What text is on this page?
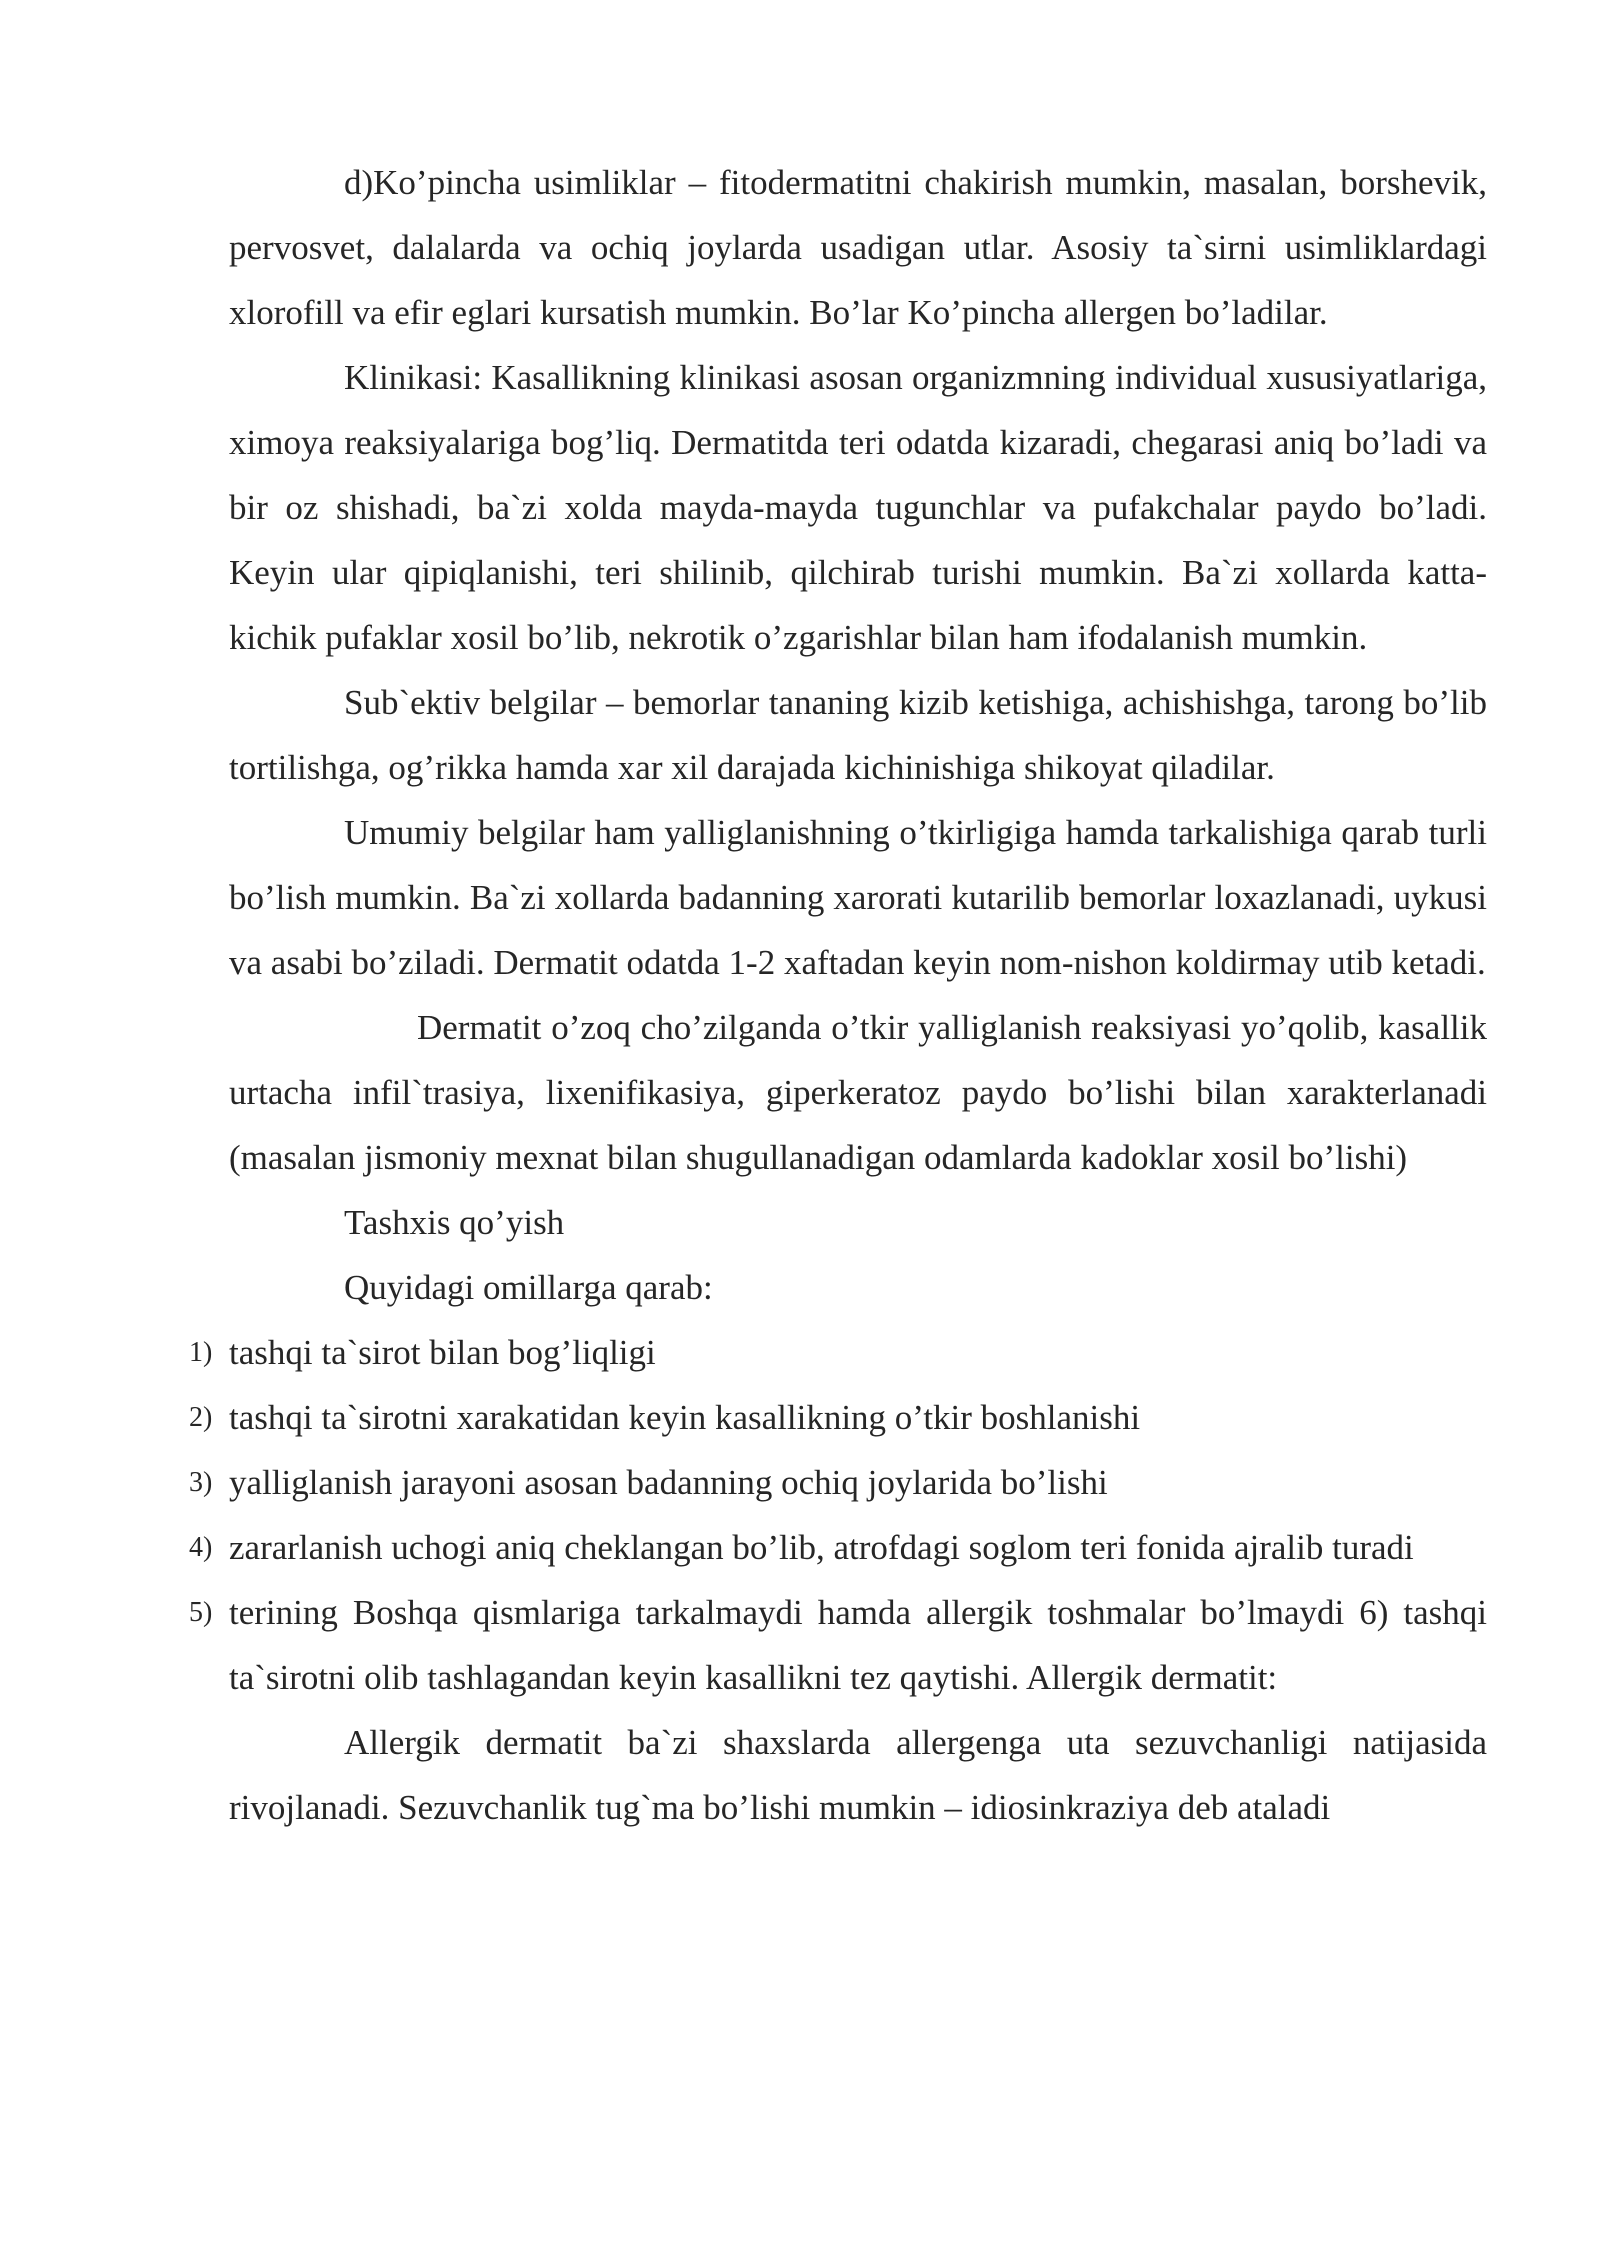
d)Ko’pincha usimliklar – fitodermatitni chakirish mumkin, masalan, borshevik, pervosvet, dalalarda va ochiq joylarda usadigan utlar. Asosiy ta`sirni usimliklardagi xlorofill va efir eglari kursatish mumkin. Bo’lar Ko’pincha allergen bo’ladilar.

Klinikasi: Kasallikning klinikasi asosan organizmning individual xususiyatlariga, ximoya reaksiyalariga bog’liq. Dermatitda teri odatda kizaradi, chegarasi aniq bo’ladi va bir oz shishadi, ba`zi xolda mayda-mayda tugunchlar va pufakchalar paydo bo’ladi. Keyin ular qipiqlanishi, teri shilinib, qilchirab turishi mumkin. Ba`zi xollarda katta-kichik pufaklar xosil bo’lib, nekrotik o’zgarishlar bilan ham ifodalanish mumkin.

Sub`ektiv belgilar – bemorlar tananing kizib ketishiga, achishishga, tarong bo’lib tortilishga, og’rikka hamda xar xil darajada kichinishiga shikoyat qiladilar.

Umumiy belgilar ham yalliglanishning o’tkirligiga hamda tarkalishiga qarab turli bo’lish mumkin. Ba`zi xollarda badanning xarorati kutarilib bemorlar loxazlanadi, uykusi va asabi bo’ziladi. Dermatit odatda 1-2 xaftadan keyin nom-nishon koldirmay utib ketadi.

Dermatit o’zoq cho’zilganda o’tkir yalliglanish reaksiyasi yo’qolib, kasallik urtacha infil`trasiya, lixenifikasiya, giperkeratoz paydo bo’lishi bilan xarakterlanadi (masalan jismoniy mexnat bilan shugullanadigan odamlarda kadoklar xosil bo’lishi)

Tashxis qo’yish

Quyidagi omillarga qarab:

1) tashqi ta`sirot bilan bog’liqligi
2) tashqi ta`sirotni xarakatidan keyin kasallikning o’tkir boshlanishi
3) yalliglanish jarayoni asosan badanning ochiq joylarida bo’lishi
4) zararlanish uchogi aniq cheklangan bo’lib, atrofdagi soglom teri fonida ajralib turadi
5) terining Boshqa qismlariga tarkalmaydi hamda allergik toshmalar bo’lmaydi 6) tashqi ta`sirotni olib tashlagandan keyin kasallikni tez qaytishi. Allergik dermatit:

Allergik dermatit ba`zi shaxslarda allergenga uta sezuvchanligi natijasida rivojlanadi. Sezuvchanlik tug`ma bo’lishi mumkin – idiosinkraziya deb ataladi
